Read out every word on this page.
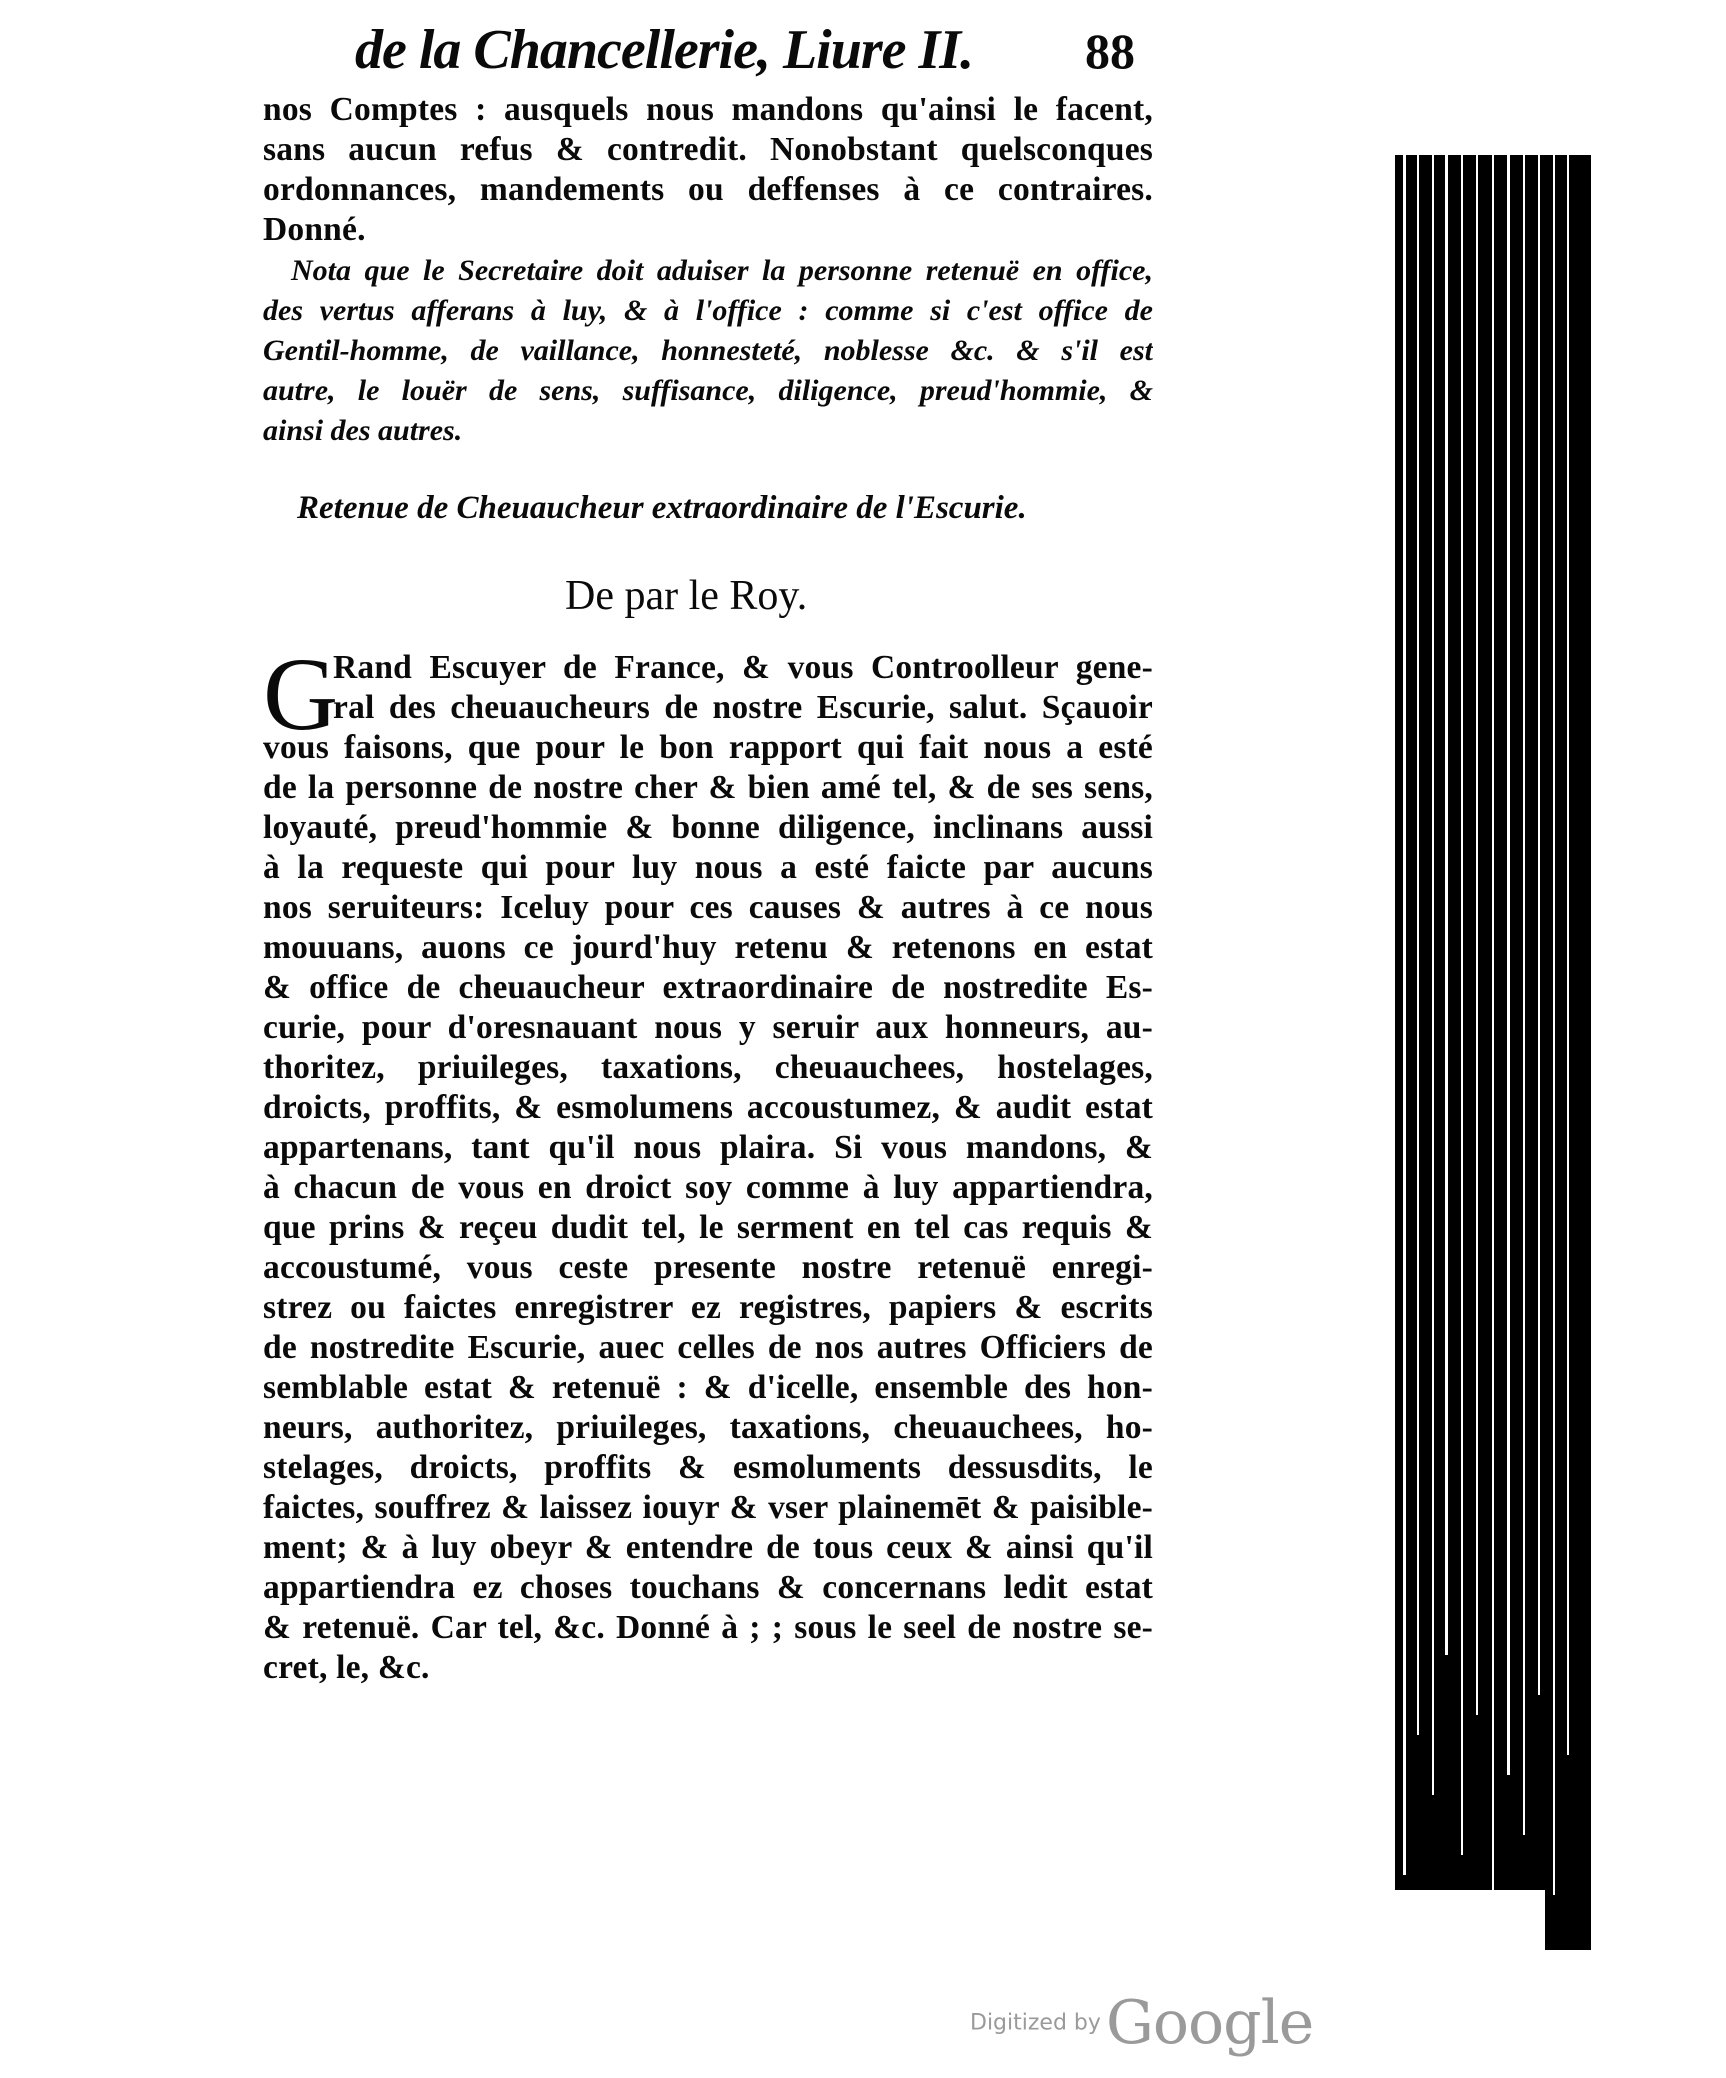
de la Chancellerie, Liure II. 88
nos Comptes : ausquels nous mandons qu'ainsi le facent,
sans aucun refus & contredit. Nonobstant quelsconques
ordonnances, mandements ou deffenses à ce contraires.
Donné.
Nota que le Secretaire doit aduiser la personne retenuë en office,
des vertus afferans à luy, & à l'office : comme si c'est office de
Gentil-homme, de vaillance, honnesteté, noblesse &c. & s'il est
autre, le louër de sens, suffisance, diligence, preud'hommie, &
ainsi des autres.
Retenue de Cheuaucheur extraordinaire de l'Escurie.
De par le Roy.
G
Rand Escuyer de France, & vous Controolleur gene-
ral des cheuaucheurs de nostre Escurie, salut. Sçauoir
vous faisons, que pour le bon rapport qui fait nous a esté
de la personne de nostre cher & bien amé tel, & de ses sens,
loyauté, preud'hommie & bonne diligence, inclinans aussi
à la requeste qui pour luy nous a esté faicte par aucuns
nos seruiteurs: Iceluy pour ces causes & autres à ce nous
mouuans, auons ce jourd'huy retenu & retenons en estat
& office de cheuaucheur extraordinaire de nostredite Es-
curie, pour d'oresnauant nous y seruir aux honneurs, au-
thoritez, priuileges, taxations, cheuauchees, hostelages,
droicts, proffits, & esmolumens accoustumez, & audit estat
appartenans, tant qu'il nous plaira. Si vous mandons, &
à chacun de vous en droict soy comme à luy appartiendra,
que prins & reçeu dudit tel, le serment en tel cas requis &
accoustumé, vous ceste presente nostre retenuë enregi-
strez ou faictes enregistrer ez registres, papiers & escrits
de nostredite Escurie, auec celles de nos autres Officiers de
semblable estat & retenuë : & d'icelle, ensemble des hon-
neurs, authoritez, priuileges, taxations, cheuauchees, ho-
stelages, droicts, proffits & esmoluments dessusdits, le
faictes, souffrez & laissez iouyr & vser plainemēt & paisible-
ment; & à luy obeyr & entendre de tous ceux & ainsi qu'il
appartiendra ez choses touchans & concernans ledit estat
& retenuë. Car tel, &c. Donné à ; ; sous le seel de nostre se-
cret, le, &c.
Digitized by Google
